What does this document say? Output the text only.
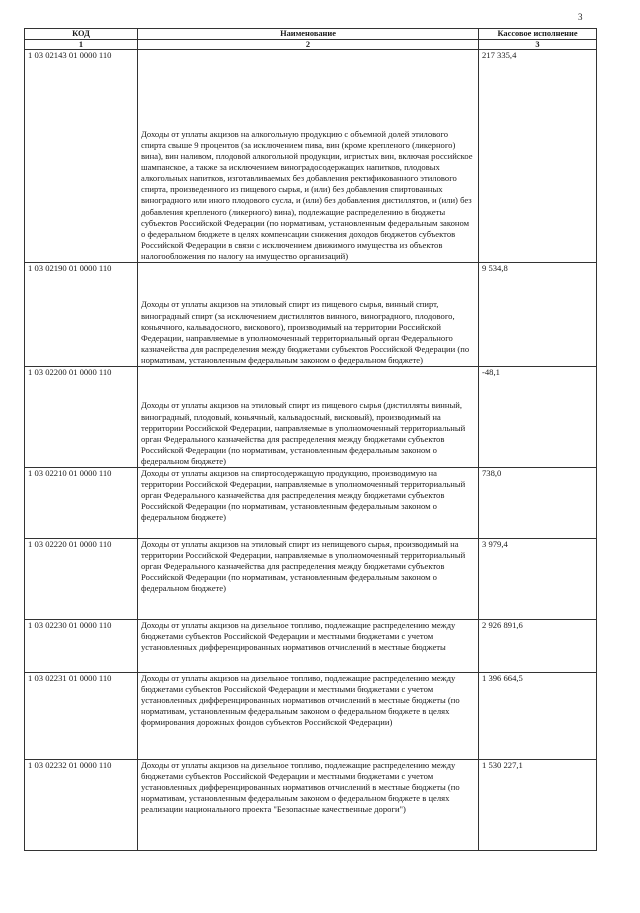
3
КОД	Наименование	Кассовое исполнение
1	2	3
1 03 02143 01 0000 110	Доходы от уплаты акцизов на алкогольную продукцию с объемной долей этилового спирта свыше 9 процентов (за исключением пива, вин (кроме крепленого (ликерного) вина), вин наливом, плодовой алкогольной продукции, игристых вин, включая российское шампанское, а также за исключением виноградосодержащих напитков, плодовых алкогольных напитков, изготавливаемых без добавления ректификованного этилового спирта, произведенного из пищевого сырья, и (или) без добавления спиртованных виноградного или иного плодового сусла, и (или) без добавления дистиллятов, и (или) без добавления крепленого (ликерного) вина), подлежащие распределению в бюджеты субъектов Российской Федерации (по нормативам, установленным федеральным законом о федеральном бюджете в целях компенсации снижения доходов бюджетов субъектов Российской Федерации в связи с исключением движимого имущества из объектов налогообложения по налогу на имущество организаций)	217 335,4
1 03 02190 01 0000 110	Доходы от уплаты акцизов на этиловый спирт из пищевого сырья, винный спирт, виноградный спирт (за исключением дистиллятов винного, виноградного, плодового, коньячного, кальвадосного, вискового), производимый на территории Российской Федерации, направляемые в уполномоченный территориальный орган Федерального казначейства для распределения между бюджетами субъектов Российской Федерации (по нормативам, установленным федеральным законом о федеральном бюджете)	9 534,8
1 03 02200 01 0000 110	Доходы от уплаты акцизов на этиловый спирт из пищевого сырья (дистилляты винный, виноградный, плодовый, коньячный, кальвадосный, висковый), производимый на территории Российской Федерации, направляемые в уполномоченный территориальный орган Федерального казначейства для распределения между бюджетами субъектов Российской Федерации (по нормативам, установленным федеральным законом о федеральном бюджете)	-48,1
1 03 02210 01 0000 110	Доходы от уплаты акцизов на спиртосодержащую продукцию, производимую на территории Российской Федерации, направляемые в уполномоченный территориальный орган Федерального казначейства для распределения между бюджетами субъектов Российской Федерации (по нормативам, установленным федеральным законом о федеральном бюджете)	738,0
1 03 02220 01 0000 110	Доходы от уплаты акцизов на этиловый спирт из непищевого сырья, производимый на территории Российской Федерации, направляемые в уполномоченный территориальный орган Федерального казначейства для распределения между бюджетами субъектов Российской Федерации (по нормативам, установленным федеральным законом о федеральном бюджете)	3 979,4
1 03 02230 01 0000 110	Доходы от уплаты акцизов на дизельное топливо, подлежащие распределению между бюджетами субъектов Российской Федерации и местными бюджетами с учетом установленных дифференцированных нормативов отчислений в местные бюджеты	2 926 891,6
1 03 02231 01 0000 110	Доходы от уплаты акцизов на дизельное топливо, подлежащие распределению между бюджетами субъектов Российской Федерации и местными бюджетами с учетом установленных дифференцированных нормативов отчислений в местные бюджеты (по нормативам, установленным федеральным законом о федеральном бюджете в целях формирования дорожных фондов субъектов Российской Федерации)	1 396 664,5
1 03 02232 01 0000 110	Доходы от уплаты акцизов на дизельное топливо, подлежащие распределению между бюджетами субъектов Российской Федерации и местными бюджетами с учетом установленных дифференцированных нормативов отчислений в местные бюджеты (по нормативам, установленным федеральным законом о федеральном бюджете в целях реализации национального проекта "Безопасные качественные дороги")	1 530 227,1
